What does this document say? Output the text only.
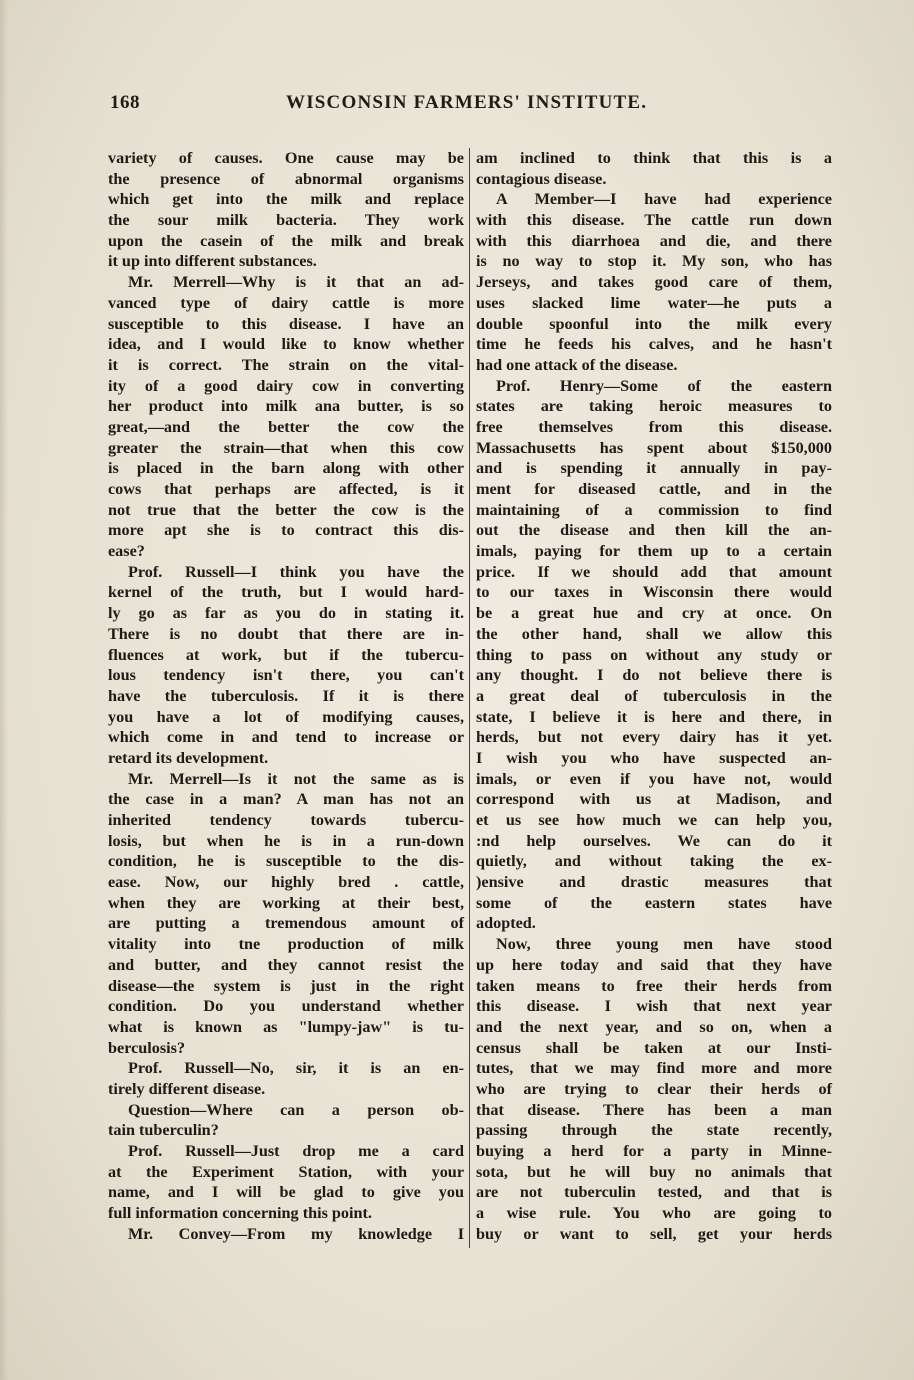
168	WISCONSIN FARMERS' INSTITUTE.
variety of causes. One cause may be
the presence of abnormal organisms
which get into the milk and replace
the sour milk bacteria. They work
upon the casein of the milk and break
it up into different substances.
Mr. Merrell—Why is it that an ad-
vanced type of dairy cattle is more
susceptible to this disease. I have an
idea, and I would like to know whether
it is correct. The strain on the vital-
ity of a good dairy cow in converting
her product into milk ana butter, is so
great,—and the better the cow the
greater the strain—that when this cow
is placed in the barn along with other
cows that perhaps are affected, is it
not true that the better the cow is the
more apt she is to contract this dis-
ease?
Prof. Russell—I think you have the
kernel of the truth, but I would hard-
ly go as far as you do in stating it.
There is no doubt that there are in-
fluences at work, but if the tubercu-
lous tendency isn't there, you can't
have the tuberculosis. If it is there
you have a lot of modifying causes,
which come in and tend to increase or
retard its development.
Mr. Merrell—Is it not the same as is
the case in a man? A man has not an
inherited tendency towards tubercu-
losis, but when he is in a run-down
condition, he is susceptible to the dis-
ease. Now, our highly bred . cattle,
when they are working at their best,
are putting a tremendous amount of
vitality into tne production of milk
and butter, and they cannot resist the
disease—the system is just in the right
condition. Do you understand whether
what is known as "lumpy-jaw" is tu-
berculosis?
Prof. Russell—No, sir, it is an en-
tirely different disease.
Question—Where can a person ob-
tain tuberculin?
Prof. Russell—Just drop me a card
at the Experiment Station, with your
name, and I will be glad to give you
full information concerning this point.
Mr. Convey—From my knowledge I
am inclined to think that this is a
contagious disease.
A Member—I have had experience
with this disease. The cattle run down
with this diarrhoea and die, and there
is no way to stop it. My son, who has
Jerseys, and takes good care of them,
uses slacked lime water—he puts a
double spoonful into the milk every
time he feeds his calves, and he hasn't
had one attack of the disease.
Prof. Henry—Some of the eastern
states are taking heroic measures to
free themselves from this disease.
Massachusetts has spent about $150,000
and is spending it annually in pay-
ment for diseased cattle, and in the
maintaining of a commission to find
out the disease and then kill the an-
imals, paying for them up to a certain
price. If we should add that amount
to our taxes in Wisconsin there would
be a great hue and cry at once. On
the other hand, shall we allow this
thing to pass on without any study or
any thought. I do not believe there is
a great deal of tuberculosis in the
state, I believe it is here and there, in
herds, but not every dairy has it yet.
I wish you who have suspected an-
imals, or even if you have not, would
correspond with us at Madison, and
et us see how much we can help you,
:nd help ourselves. We can do it
quietly, and without taking the ex-
)ensive and drastic measures that
some of the eastern states have
adopted.
Now, three young men have stood
up here today and said that they have
taken means to free their herds from
this disease. I wish that next year
and the next year, and so on, when a
census shall be taken at our Insti-
tutes, that we may find more and more
who are trying to clear their herds of
that disease. There has been a man
passing through the state recently,
buying a herd for a party in Minne-
sota, but he will buy no animals that
are not tuberculin tested, and that is
a wise rule. You who are going to
buy or want to sell, get your herds
